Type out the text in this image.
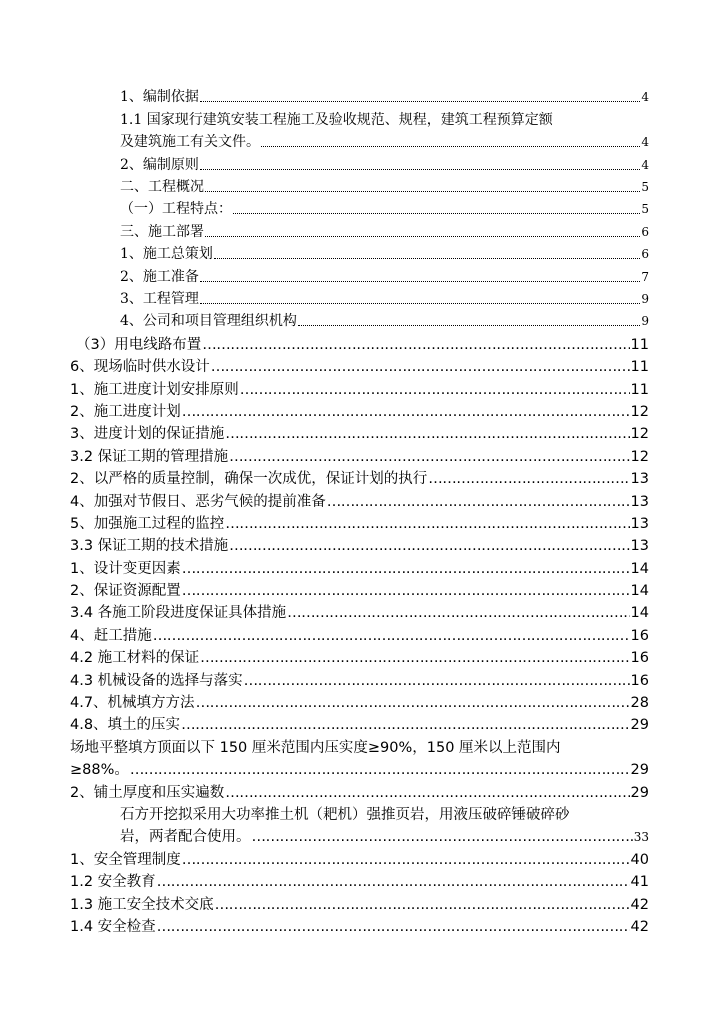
1、编制依据	4
1.1 国家现行建筑安装工程施工及验收规范、规程，建筑工程预算定额
及建筑施工有关文件。	4
2、编制原则	4
二、工程概况	5
（一）工程特点：	5
三、施工部署	6
1、施工总策划	6
2、施工准备	7
3、工程管理	9
4、公司和项目管理组织机构	9
（3）用电线路布置 ………………………………………………………………………………………………………………………………………………………………………………………	11
6、现场临时供水设计 ………………………………………………………………………………………………………………………………………………………………………………………	11
1、施工进度计划安排原则 ………………………………………………………………………………………………………………………………………………………………………………………	11
2、施工进度计划 ………………………………………………………………………………………………………………………………………………………………………………………	12
3、进度计划的保证措施 ………………………………………………………………………………………………………………………………………………………………………………………	12
3.2 保证工期的管理措施 ………………………………………………………………………………………………………………………………………………………………………………………	12
2、以严格的质量控制，确保一次成优，保证计划的执行 ………………………………………………………………………………………………………………………………………………………………………………………	13
4、加强对节假日、恶劣气候的提前准备 ………………………………………………………………………………………………………………………………………………………………………………………	13
5、加强施工过程的监控 ………………………………………………………………………………………………………………………………………………………………………………………	13
3.3 保证工期的技术措施 ………………………………………………………………………………………………………………………………………………………………………………………	13
1、设计变更因素 ………………………………………………………………………………………………………………………………………………………………………………………	14
2、保证资源配置 ………………………………………………………………………………………………………………………………………………………………………………………	14
3.4 各施工阶段进度保证具体措施 ………………………………………………………………………………………………………………………………………………………………………………………	14
4、赶工措施 ………………………………………………………………………………………………………………………………………………………………………………………	16
4.2 施工材料的保证 ………………………………………………………………………………………………………………………………………………………………………………………	16
4.3 机械设备的选择与落实 ………………………………………………………………………………………………………………………………………………………………………………………	16
4.7、机械填方方法 ………………………………………………………………………………………………………………………………………………………………………………………	28
4.8、填土的压实 ………………………………………………………………………………………………………………………………………………………………………………………	29
场地平整填方顶面以下 150 厘米范围内压实度≥90%，150 厘米以上范围内
≥88%。 ………………………………………………………………………………………………………………………………………………………………………………………	29
2、铺土厚度和压实遍数 ………………………………………………………………………………………………………………………………………………………………………………………	29
石方开挖拟采用大功率推土机（耙机）强推页岩，用液压破碎锤破碎砂
岩，两者配合使用。 ………………………………………………………………………………………………………………………………………………………………………………………	33
1、安全管理制度 ………………………………………………………………………………………………………………………………………………………………………………………	40
1.2 安全教育 ………………………………………………………………………………………………………………………………………………………………………………………	41
1.3 施工安全技术交底 ………………………………………………………………………………………………………………………………………………………………………………………	42
1.4 安全检查 ………………………………………………………………………………………………………………………………………………………………………………………	42
